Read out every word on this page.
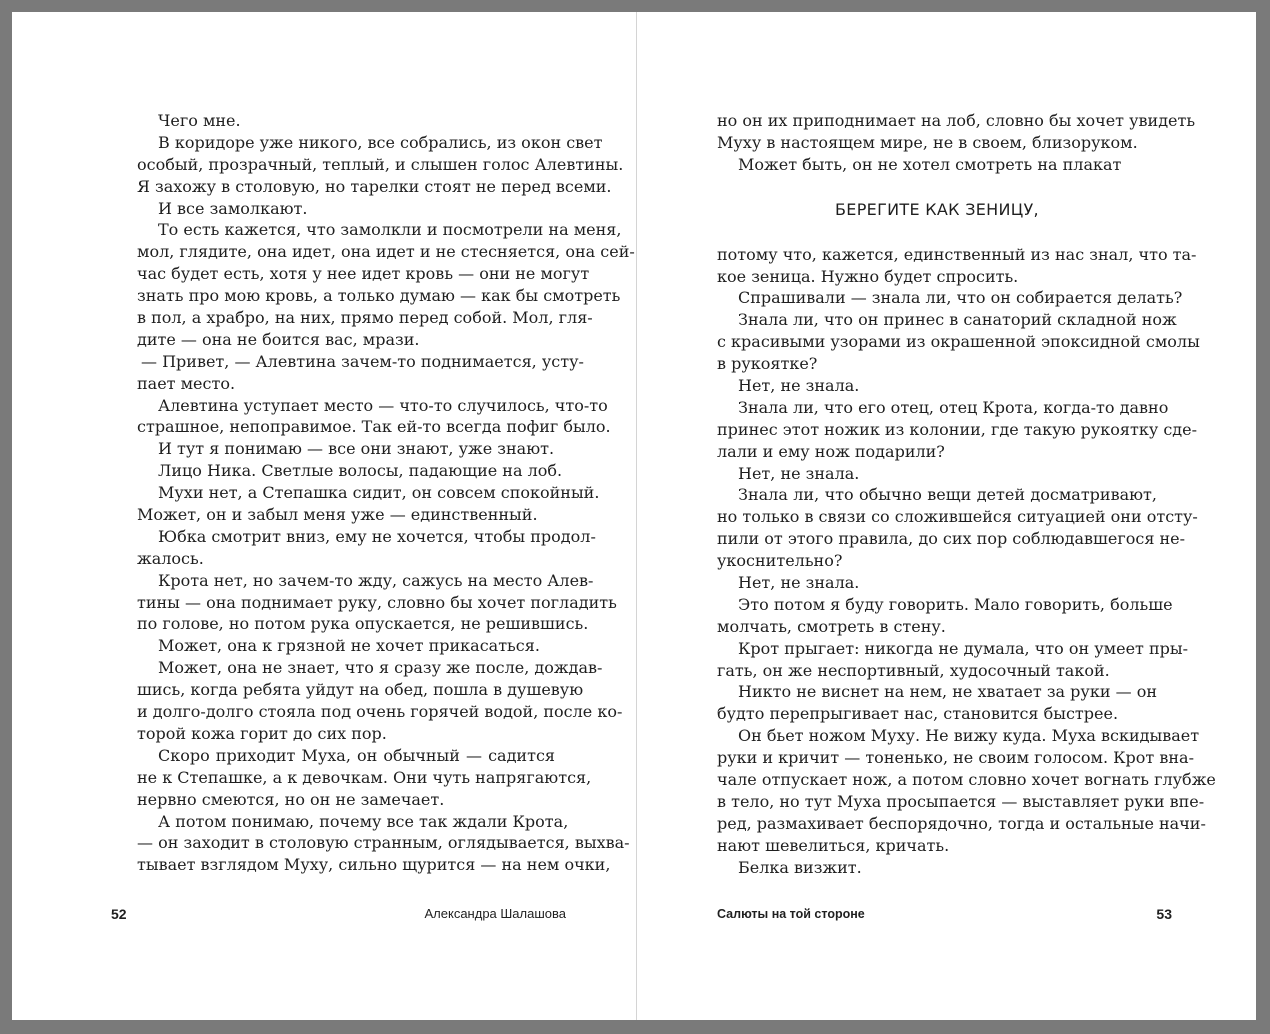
Чего мне.
В коридоре уже никого, все собрались, из окон свет
особый, прозрачный, теплый, и слышен голос Алевтины.
Я захожу в столовую, но тарелки стоят не перед всеми.
И все замолкают.
То есть кажется, что замолкли и посмотрели на меня,
мол, глядите, она идет, она идет и не стесняется, она сей-
час будет есть, хотя у нее идет кровь — они не могут
знать про мою кровь, а только думаю — как бы смотреть
в пол, а храбро, на них, прямо перед собой. Мол, гля-
дите — она не боится вас, мрази.
— Привет, — Алевтина зачем-то поднимается, усту-
пает место.
Алевтина уступает место — что-то случилось, что-то
страшное, непоправимое. Так ей-то всегда пофиг было.
И тут я понимаю — все они знают, уже знают.
Лицо Ника. Светлые волосы, падающие на лоб.
Мухи нет, а Степашка сидит, он совсем спокойный.
Может, он и забыл меня уже — единственный.
Юбка смотрит вниз, ему не хочется, чтобы продол-
жалось.
Крота нет, но зачем-то жду, сажусь на место Алев-
тины — она поднимает руку, словно бы хочет погладить
по голове, но потом рука опускается, не решившись.
Может, она к грязной не хочет прикасаться.
Может, она не знает, что я сразу же после, дождав-
шись, когда ребята уйдут на обед, пошла в душевую
и долго-долго стояла под очень горячей водой, после ко-
торой кожа горит до сих пор.
Скоро приходит Муха, он обычный — садится
не к Степашке, а к девочкам. Они чуть напрягаются,
нервно смеются, но он не замечает.
А потом понимаю, почему все так ждали Крота,
— он заходит в столовую странным, оглядывается, выхва-
тывает взглядом Муху, сильно щурится — на нем очки,
52	Александра Шалашова
но он их приподнимает на лоб, словно бы хочет увидеть
Муху в настоящем мире, не в своем, близоруком.
Может быть, он не хотел смотреть на плакат
БЕРЕГИТЕ КАК ЗЕНИЦУ,
потому что, кажется, единственный из нас знал, что та-
кое зеница. Нужно будет спросить.
Спрашивали — знала ли, что он собирается делать?
Знала ли, что он принес в санаторий складной нож
с красивыми узорами из окрашенной эпоксидной смолы
в рукоятке?
Нет, не знала.
Знала ли, что его отец, отец Крота, когда-то давно
принес этот ножик из колонии, где такую рукоятку сде-
лали и ему нож подарили?
Нет, не знала.
Знала ли, что обычно вещи детей досматривают,
но только в связи со сложившейся ситуацией они отсту-
пили от этого правила, до сих пор соблюдавшегося не-
укоснительно?
Нет, не знала.
Это потом я буду говорить. Мало говорить, больше
молчать, смотреть в стену.
Крот прыгает: никогда не думала, что он умеет пры-
гать, он же неспортивный, худосочный такой.
Никто не виснет на нем, не хватает за руки — он
будто перепрыгивает нас, становится быстрее.
Он бьет ножом Муху. Не вижу куда. Муха вскидывает
руки и кричит — тоненько, не своим голосом. Крот вна-
чале отпускает нож, а потом словно хочет вогнать глубже
в тело, но тут Муха просыпается — выставляет руки впе-
ред, размахивает беспорядочно, тогда и остальные начи-
нают шевелиться, кричать.
Белка визжит.
Салюты на той стороне	53
